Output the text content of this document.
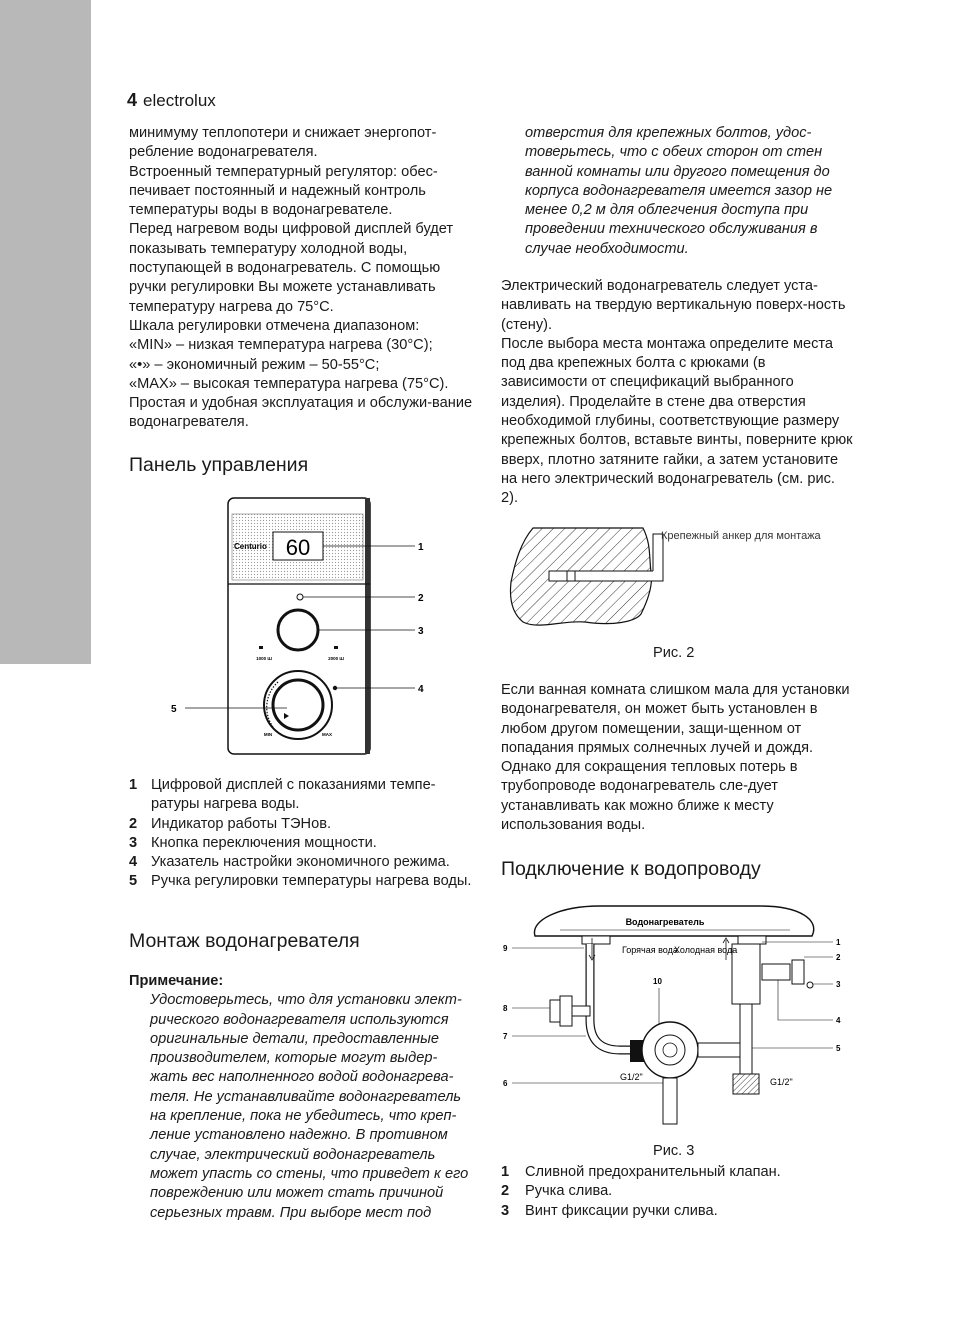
4 electrolux

минимуму теплопотери и снижает энергопот-ребление водонагревателя.

Встроенный температурный регулятор: обес-печивает постоянный и надежный контроль температуры воды в водонагревателе.

Перед нагревом воды цифровой дисплей будет показывать температуру холодной воды, поступающей в водонагреватель. С помощью ручки регулировки Вы можете устанавливать температуру нагрева до 75°С.

Шкала регулировки отмечена диапазоном:

«MIN» – низкая температура нагрева (30°С);

«•» – экономичный режим – 50-55°С;

«MAX» – высокая температура нагрева (75°С).

Простая и удобная эксплуатация и обслужи-вание водонагревателя.

Панель управления
Centurio 60	1
2
3
1000 Ш	2000 Ш
4
5
MIN	MAX
1 Цифровой дисплей с показаниями темпе-ратуры нагрева воды.
2 Индикатор работы ТЭНов.
3 Кнопка переключения мощности.
4 Указатель настройки экономичного режима.
5 Ручка регулировки температуры нагрева воды.
Монтаж водонагревателя

Примечание:

Удостоверьтесь, что для установки элект-рического водонагревателя используются оригинальные детали, предоставленные производителем, которые могут выдер-жать вес наполненного водой водонагрева-теля. Не устанавливайте водонагреватель на крепление, пока не убедитесь, что креп-ление установлено надежно. В противном случае, электрический водонагреватель может упасть со стены, что приведет к его повреждению или может стать причиной серьезных травм. При выборе мест под

отверстия для крепежных болтов, удос-товерьтесь, что с обеих сторон от стен ванной комнаты или другого помещения до корпуса водонагревателя имеется зазор не менее 0,2 м для облегчения доступа при проведении технического обслуживания в случае необходимости.

Электрический водонагреватель следует уста-навливать на твердую вертикальную поверх-ность (стену).

После выбора места монтажа определите места под два крепежных болта с крюками (в зависимости от спецификаций выбранного изделия). Проделайте в стене два отверстия необходимой глубины, соответствующие размеру крепежных болтов, вставьте винты, поверните крюк вверх, плотно затяните гайки, а затем установите на него электрический водонагреватель (см. рис. 2).

Крепежный анкер для монтажа
Рис. 2
Если ванная комната слишком мала для установки водонагревателя, он может быть установлен в любом другом помещении, защи-щенном от попадания прямых солнечных лучей и дождя. Однако для сокращения тепловых потерь в трубопроводе водонагреватель сле-дует устанавливать как можно ближе к месту использования воды.
Подключение к водопроводу
Водонагреватель
Горячая вода
Холодная вода
G1/2"	G1/2"
10
9
8
7
6
1
2
3
4
5
Рис. 3
1 Сливной предохранительный клапан.
2 Ручка слива.
3 Винт фиксации ручки слива.
